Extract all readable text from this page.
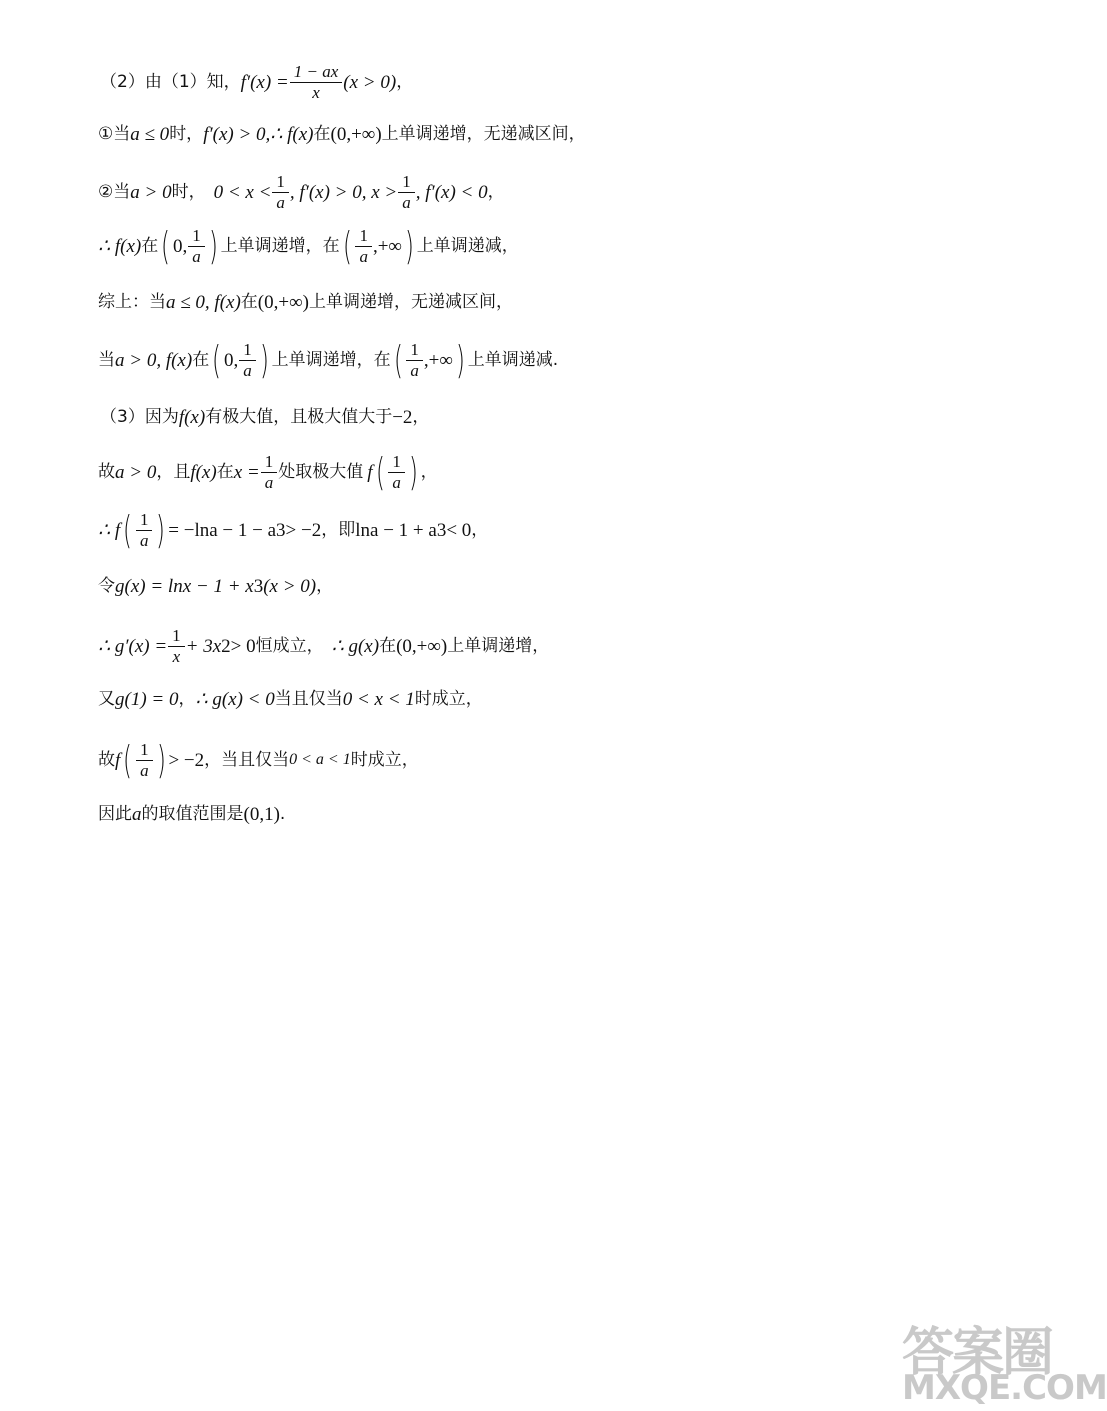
（2）由（1）知， $f'(x) = \frac{1 - ax}{x} (x > 0)$ ，
①当 a ≤ 0 时， f′(x) > 0,∴ f(x) 在 (0,+∞) 上单调递增，无递减区间，
②当 a > 0 时， $0 < x < \frac{1}{a}$ , f′(x) > 0, $x > \frac{1}{a}$ , f′(x) < 0 ，
∴ f(x) 在 ( 0, $\frac{1}{a}$ ) 上单调递增，在 ( $\frac{1}{a}$ ,+∞ ) 上单调递减，
综上：当 a ≤ 0, f(x) 在 (0,+∞) 上单调递增，无递减区间，
当 a > 0, f(x) 在 ( 0, $\frac{1}{a}$ ) 上单调递增，在 ( $\frac{1}{a}$ ,+∞ ) 上单调递减.
（3）因为 f(x) 有极大值，且极大值大于 −2 ，
故 a > 0 ，且 f(x) 在 $x = \frac{1}{a}$ 处取极大值 f ( $\frac{1}{a}$ ) ，
∴ f ( $\frac{1}{a}$ ) = −lna − 1 − a 3 > −2 ，即 lna − 1 + a 3 < 0 ，
令 g(x) = lnx − 1 + x 3 (x > 0) ，
∴ $g'(x) = \frac{1}{x} + 3x$ 2 > 0 恒成立， ∴ g(x) 在 (0,+∞) 上单调递增，
又 g(1) = 0 ， ∴ g(x) < 0 当且仅当 0 < x < 1 时成立，
故 f ( $\frac{1}{a}$ ) > −2 ，当且仅当 0 < a < 1 时成立，
因此 a 的取值范围是 (0,1) .
答案圈
MXQE.COM
